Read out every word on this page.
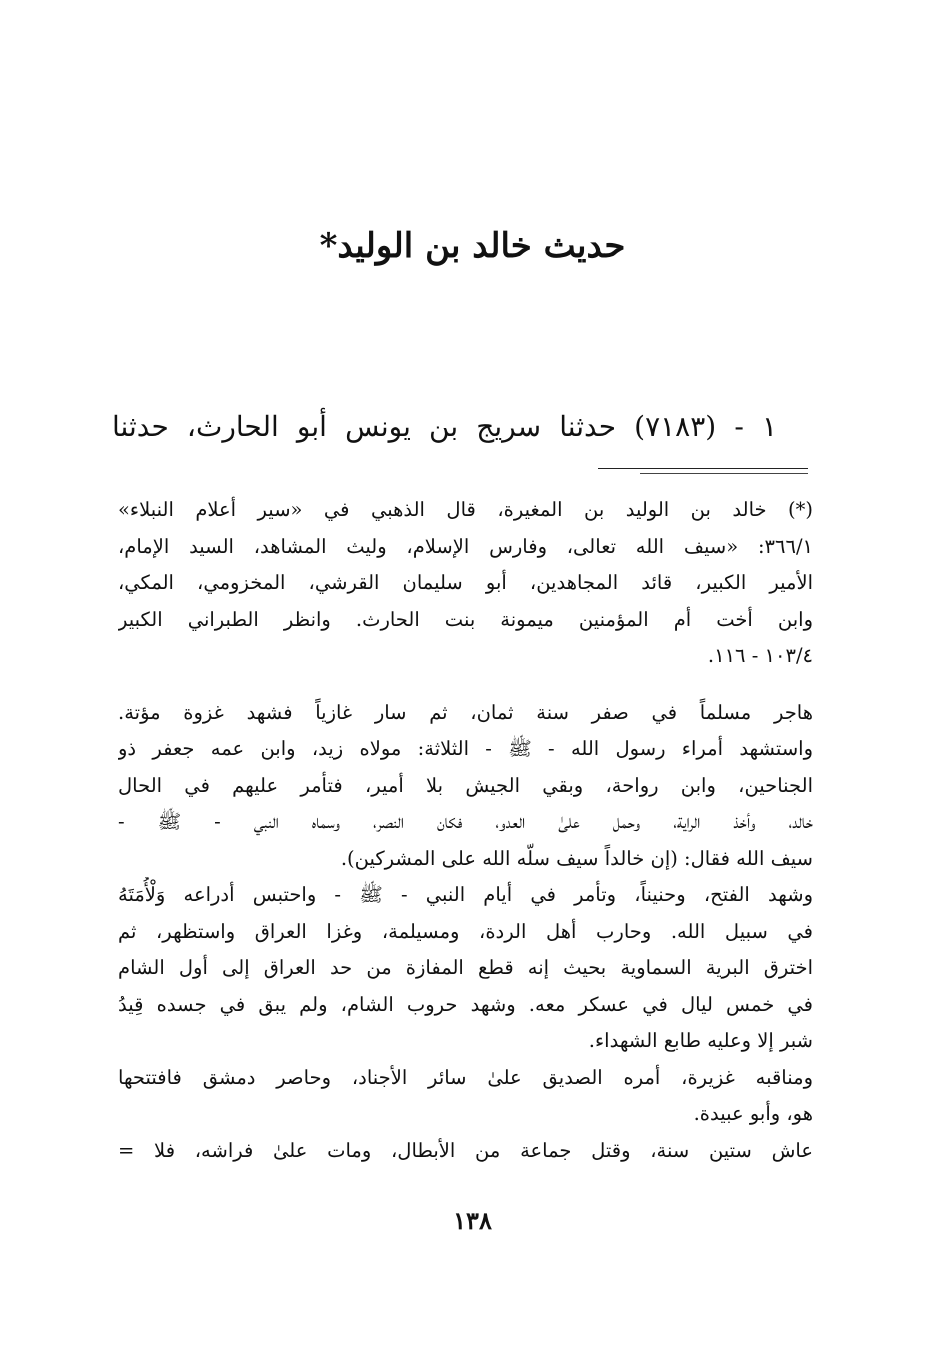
حديث خالد بن الوليد*
١ - (٧١٨٣) حدثنا سريج بن يونس أبو الحارث، حدثنا
(*) خالد بن الوليد بن المغيرة، قال الذهبي في «سير أعلام النبلاء»
٣٦٦/١: «سيف الله تعالى، وفارس الإسلام، وليث المشاهد، السيد الإمام،
الأمير الكبير، قائد المجاهدين، أبو سليمان القرشي، المخزومي، المكي،
وابن أخت أم المؤمنين ميمونة بنت الحارث. وانظر الطبراني الكبير
١٠٣/٤ - ١١٦.
هاجر مسلماً في صفر سنة ثمان، ثم سار غازياً فشهد غزوة مؤتة.
واستشهد أمراء رسول الله - ﷺ - الثلاثة: مولاه زيد، وابن عمه جعفر ذو
الجناحين، وابن رواحة، وبقي الجيش بلا أمير، فتأمر عليهم في الحال
خالد، وأخذ الراية، وحمل علىٰ العدو، فكان النصر، وسماه النبي - ﷺ -
سيف الله فقال: (إن خالداً سيف سلّه الله على المشركين).
وشهد الفتح، وحنيناً، وتأمر في أيام النبي - ﷺ - واحتبس أدراعه وَلْأُمَتَهُ
في سبيل الله. وحارب أهل الردة، ومسيلمة، وغزا العراق واستظهر، ثم
اخترق البرية السماوية بحيث إنه قطع المفازة من حد العراق إلى أول الشام
في خمس ليال في عسكر معه. وشهد حروب الشام، ولم يبق في جسده قِيدُ
شبر إلا وعليه طابع الشهداء.
ومناقبه غزيرة، أمره الصديق علىٰ سائر الأجناد، وحاصر دمشق فافتتحها
هو، وأبو عبيدة.
عاش ستين سنة، وقتل جماعة من الأبطال، ومات علىٰ فراشه، فلا =
١٣٨
